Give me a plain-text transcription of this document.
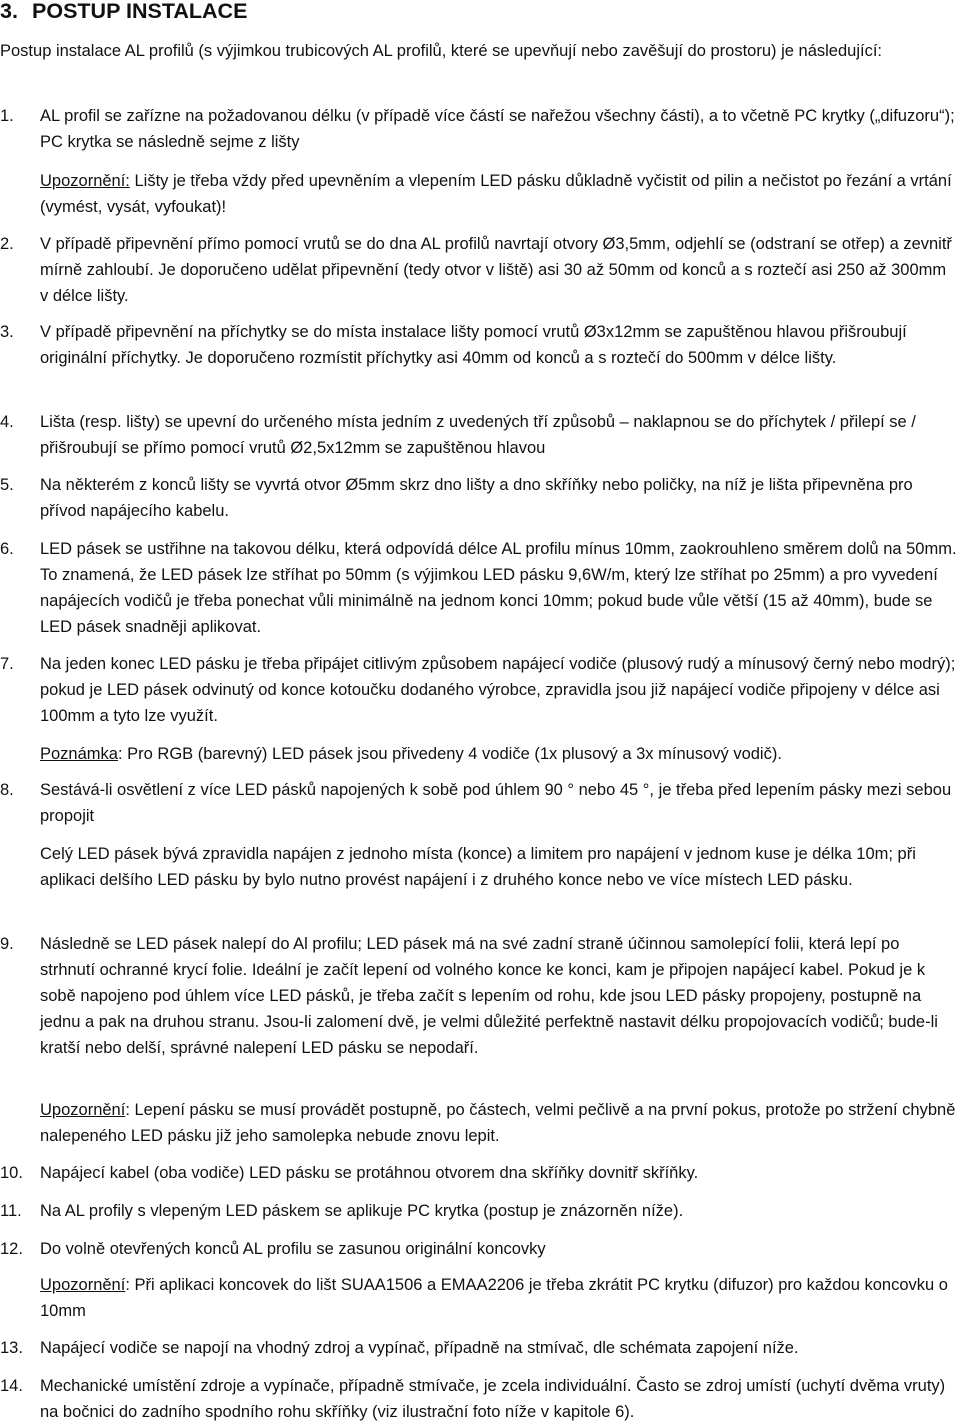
3. POSTUP INSTALACE
Postup instalace AL profilů (s výjimkou trubicových AL profilů, které se upevňují nebo zavěšují do prostoru) je následující:
1.	AL profil se zařízne na požadovanou délku (v případě více částí se nařežou všechny části), a to včetně PC krytky („difuzoru“); PC krytka se následně sejme z lišty
Upozornění: Lišty je třeba vždy před upevněním a vlepením LED pásku důkladně vyčistit od pilin a nečistot po řezání a vrtání (vymést, vysát, vyfoukat)!
2.	V případě připevnění přímo pomocí vrutů se do dna AL profilů navrtají otvory Ø3,5mm, odjehlí se (odstraní se otřep) a zevnitř mírně zahloubí. Je doporučeno udělat připevnění (tedy otvor v liště) asi 30 až 50mm od konců a s roztečí asi 250 až 300mm v délce lišty.
3.	V případě připevnění na příchytky se do místa instalace lišty pomocí vrutů Ø3x12mm se zapuštěnou hlavou přišroubují originální příchytky. Je doporučeno rozmístit příchytky asi 40mm od konců a s roztečí do 500mm v délce lišty.
4.	Lišta (resp. lišty) se upevní do určeného místa jedním z uvedených tří způsobů – naklapnou se do příchytek / přilepí se / přišroubují se přímo pomocí vrutů Ø2,5x12mm se zapuštěnou hlavou
5.	Na některém z konců lišty se vyvrtá otvor Ø5mm skrz dno lišty a dno skříňky nebo poličky, na níž je lišta připevněna pro přívod napájecího kabelu.
6.	LED pásek se ustřihne na takovou délku, která odpovídá délce AL profilu mínus 10mm, zaokrouhleno směrem dolů na 50mm. To znamená, že LED pásek lze stříhat po 50mm (s výjimkou LED pásku 9,6W/m, který lze stříhat po 25mm) a pro vyvedení napájecích vodičů je třeba ponechat vůli minimálně na jednom konci 10mm; pokud bude vůle větší (15 až 40mm), bude se LED pásek snadněji aplikovat.
7.	Na jeden konec LED pásku je třeba připájet citlivým způsobem napájecí vodiče (plusový rudý a mínusový černý nebo modrý); pokud je LED pásek odvinutý od konce kotoučku dodaného výrobce, zpravidla jsou již napájecí vodiče připojeny v délce asi 100mm a tyto lze využít.
Poznámka: Pro RGB (barevný) LED pásek jsou přivedeny 4 vodiče (1x plusový a 3x mínusový vodič).
8.	Sestává-li osvětlení z více LED pásků napojených k sobě pod úhlem 90 ° nebo 45 °, je třeba před lepením pásky mezi sebou propojit
Celý LED pásek bývá zpravidla napájen z jednoho místa (konce) a limitem pro napájení v jednom kuse je délka 10m; při aplikaci delšího LED pásku by bylo nutno provést napájení i z druhého konce nebo ve více místech LED pásku.
9.	Následně se LED pásek nalepí do Al profilu; LED pásek má na své zadní straně účinnou samolepící folii, která lepí po strhnutí ochranné krycí folie. Ideální je začít lepení od volného konce ke konci, kam je připojen napájecí kabel. Pokud je k sobě napojeno pod úhlem více LED pásků, je třeba začít s lepením od rohu, kde jsou LED pásky propojeny, postupně na jednu a pak na druhou stranu. Jsou-li zalomení dvě, je velmi důležité perfektně nastavit délku propojovacích vodičů; bude-li kratší nebo delší, správné nalepení LED pásku se nepodaří.
Upozornění: Lepení pásku se musí provádět postupně, po částech, velmi pečlivě a na první pokus, protože po stržení chybně nalepeného LED pásku již jeho samolepka nebude znovu lepit.
10.	Napájecí kabel (oba vodiče) LED pásku se protáhnou otvorem dna skříňky dovnitř skříňky.
11.	Na AL profily s vlepeným LED páskem se aplikuje PC krytka (postup je znázorněn níže).
12.	Do volně otevřených konců AL profilu se zasunou originální koncovky
Upozornění: Při aplikaci koncovek do lišt SUAA1506 a EMAA2206 je třeba zkrátit PC krytku (difuzor) pro každou koncovku o 10mm
13.	Napájecí vodiče se napojí na vhodný zdroj a vypínač, případně na stmívač, dle schémata zapojení níže.
14.	Mechanické umístění zdroje a vypínače, případně stmívače, je zcela individuální. Často se zdroj umístí (uchytí dvěma vruty) na bočnici do zadního spodního rohu skříňky (viz ilustrační foto níže v kapitole 6).
